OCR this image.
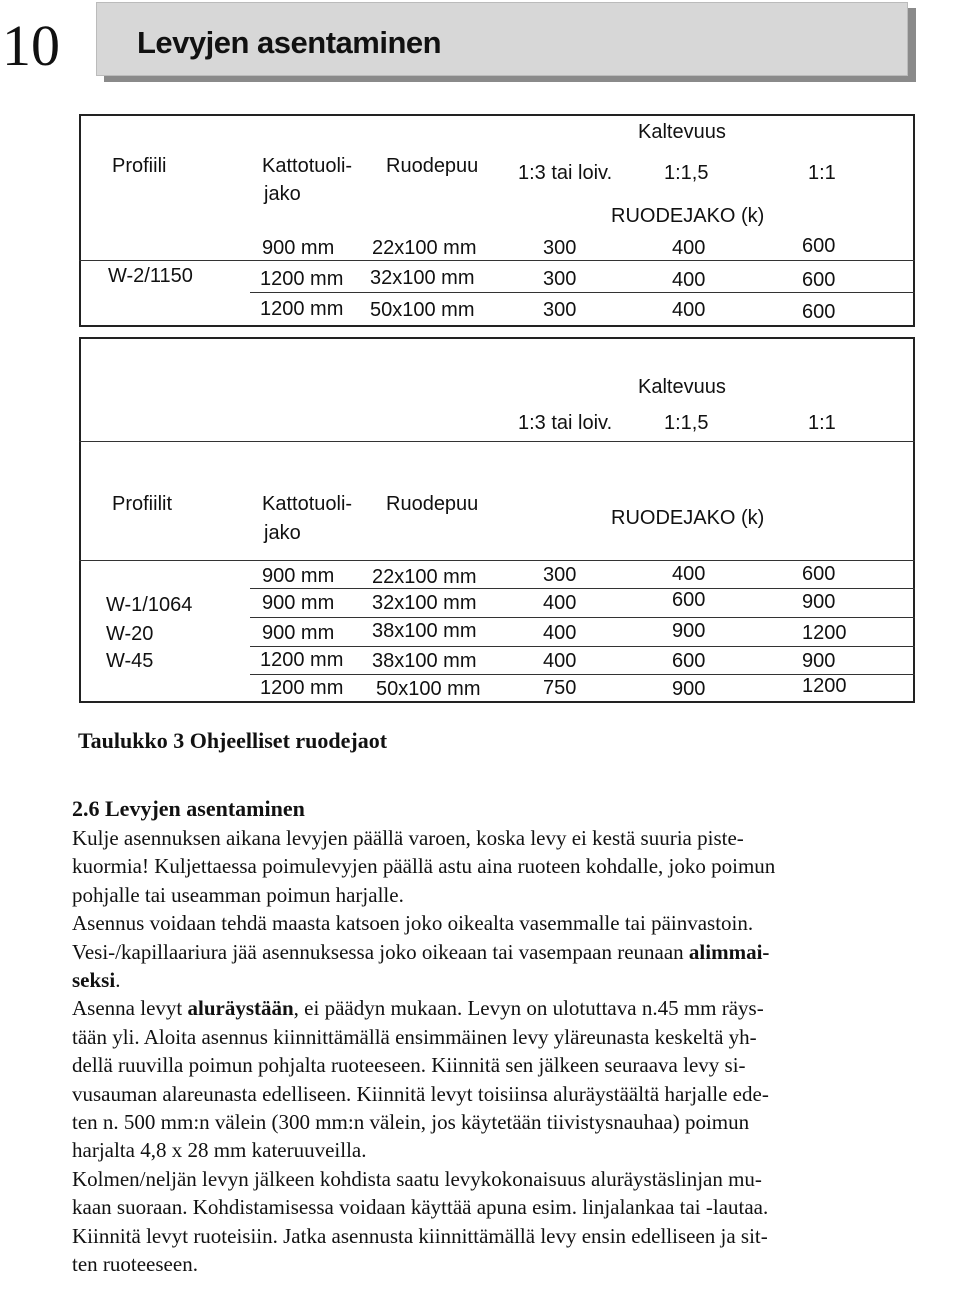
10 Levyjen asentaminen
Profiili	Kattotuoli-
jako
Ruodepuu
Kaltevuus
1:3 tai loiv.	1:1,5	1:1
RUODEJAKO (k)
W-2/1150
900 mm 22x100 mm	300	400	600
1200 mm 32x100 mm	300	400	600
1200 mm 50x100 mm	300	400	600
Kaltevuus
1:3 tai loiv.	1:1,5	1:1
Profiilit	Kattotuoli-
jako
Ruodepuu
RUODEJAKO (k)
W-1/1064
W-20
W-45
900 mm 22x100 mm	300	400	600
900 mm 32x100 mm	400	600	900
900 mm 38x100 mm	400	900	1200
1200 mm 38x100 mm	400	600	900
1200 mm 50x100 mm	750	900	1200
Taulukko 3 Ohjeelliset ruodejaot
2.6 Levyjen asentaminen
Kulje asennuksen aikana levyjen päällä varoen, koska levy ei kestä suuria piste-
kuormia! Kuljettaessa poimulevyjen päällä astu aina ruoteen kohdalle, joko poimun
pohjalle tai useamman poimun harjalle.
Asennus voidaan tehdä maasta katsoen joko oikealta vasemmalle tai päinvastoin.
Vesi-/kapillaariura jää asennuksessa joko oikeaan tai vasempaan reunaan alimmai-
seksi.
Asenna levyt aluräystään, ei päädyn mukaan. Levyn on ulotuttava n.45 mm räys-
tään yli. Aloita asennus kiinnittämällä ensimmäinen levy yläreunasta keskeltä yh-
dellä ruuvilla poimun pohjalta ruoteeseen. Kiinnitä sen jälkeen seuraava levy si-
vusauman alareunasta edelliseen. Kiinnitä levyt toisiinsa aluräystäältä harjalle ede-
ten n. 500 mm:n välein (300 mm:n välein, jos käytetään tiivistysnauhaa) poimun
harjalta 4,8 x 28 mm kateruuveilla.
Kolmen/neljän levyn jälkeen kohdista saatu levykokonaisuus aluräystäslinjan mu-
kaan suoraan. Kohdistamisessa voidaan käyttää apuna esim. linjalankaa tai -lautaa.
Kiinnitä levyt ruoteisiin. Jatka asennusta kiinnittämällä levy ensin edelliseen ja sit-
ten ruoteeseen.
